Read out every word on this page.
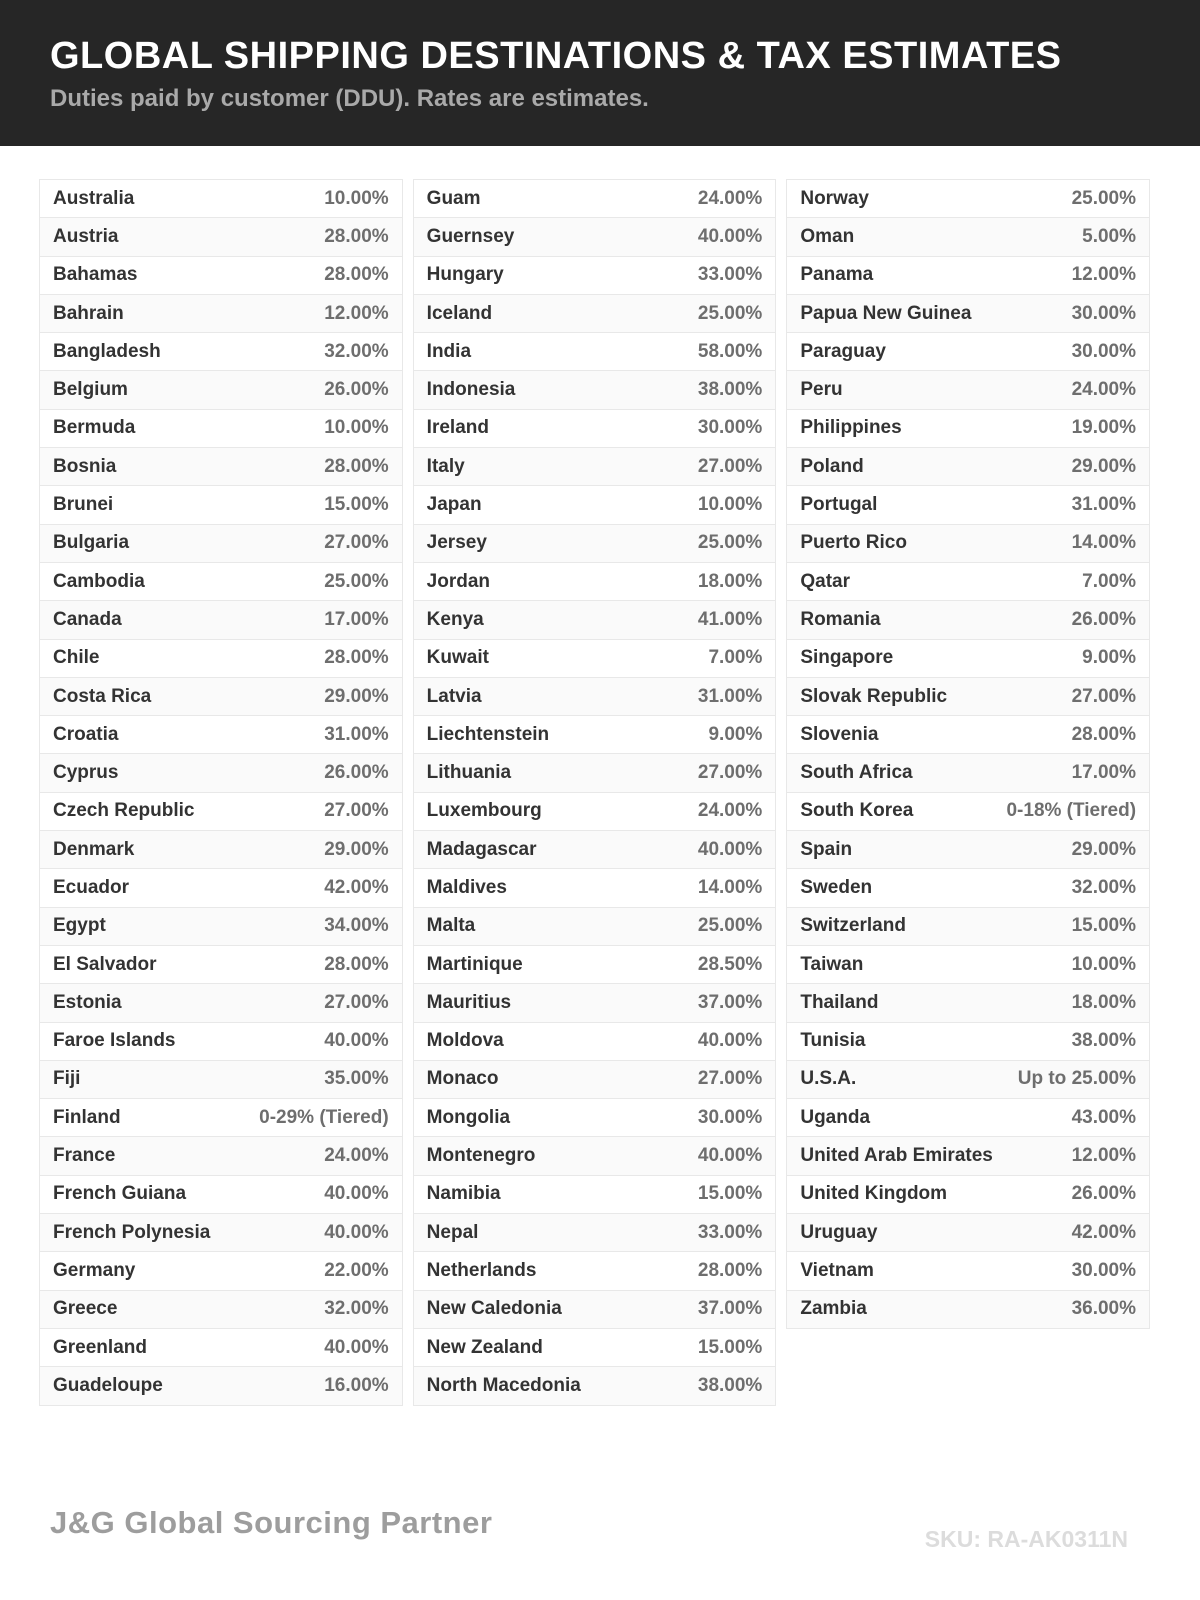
GLOBAL SHIPPING DESTINATIONS & TAX ESTIMATES
Duties paid by customer (DDU). Rates are estimates.
Australia	10.00%
Austria	28.00%
Bahamas	28.00%
Bahrain	12.00%
Bangladesh	32.00%
Belgium	26.00%
Bermuda	10.00%
Bosnia	28.00%
Brunei	15.00%
Bulgaria	27.00%
Cambodia	25.00%
Canada	17.00%
Chile	28.00%
Costa Rica	29.00%
Croatia	31.00%
Cyprus	26.00%
Czech Republic	27.00%
Denmark	29.00%
Ecuador	42.00%
Egypt	34.00%
El Salvador	28.00%
Estonia	27.00%
Faroe Islands	40.00%
Fiji	35.00%
Finland	0-29% (Tiered)
France	24.00%
French Guiana	40.00%
French Polynesia	40.00%
Germany	22.00%
Greece	32.00%
Greenland	40.00%
Guadeloupe	16.00%
Guam	24.00%
Guernsey	40.00%
Hungary	33.00%
Iceland	25.00%
India	58.00%
Indonesia	38.00%
Ireland	30.00%
Italy	27.00%
Japan	10.00%
Jersey	25.00%
Jordan	18.00%
Kenya	41.00%
Kuwait	7.00%
Latvia	31.00%
Liechtenstein	9.00%
Lithuania	27.00%
Luxembourg	24.00%
Madagascar	40.00%
Maldives	14.00%
Malta	25.00%
Martinique	28.50%
Mauritius	37.00%
Moldova	40.00%
Monaco	27.00%
Mongolia	30.00%
Montenegro	40.00%
Namibia	15.00%
Nepal	33.00%
Netherlands	28.00%
New Caledonia	37.00%
New Zealand	15.00%
North Macedonia	38.00%
Norway	25.00%
Oman	5.00%
Panama	12.00%
Papua New Guinea	30.00%
Paraguay	30.00%
Peru	24.00%
Philippines	19.00%
Poland	29.00%
Portugal	31.00%
Puerto Rico	14.00%
Qatar	7.00%
Romania	26.00%
Singapore	9.00%
Slovak Republic	27.00%
Slovenia	28.00%
South Africa	17.00%
South Korea	0-18% (Tiered)
Spain	29.00%
Sweden	32.00%
Switzerland	15.00%
Taiwan	10.00%
Thailand	18.00%
Tunisia	38.00%
U.S.A.	Up to 25.00%
Uganda	43.00%
United Arab Emirates	12.00%
United Kingdom	26.00%
Uruguay	42.00%
Vietnam	30.00%
Zambia	36.00%
J&G Global Sourcing Partner	SKU: RA-AK0311N
